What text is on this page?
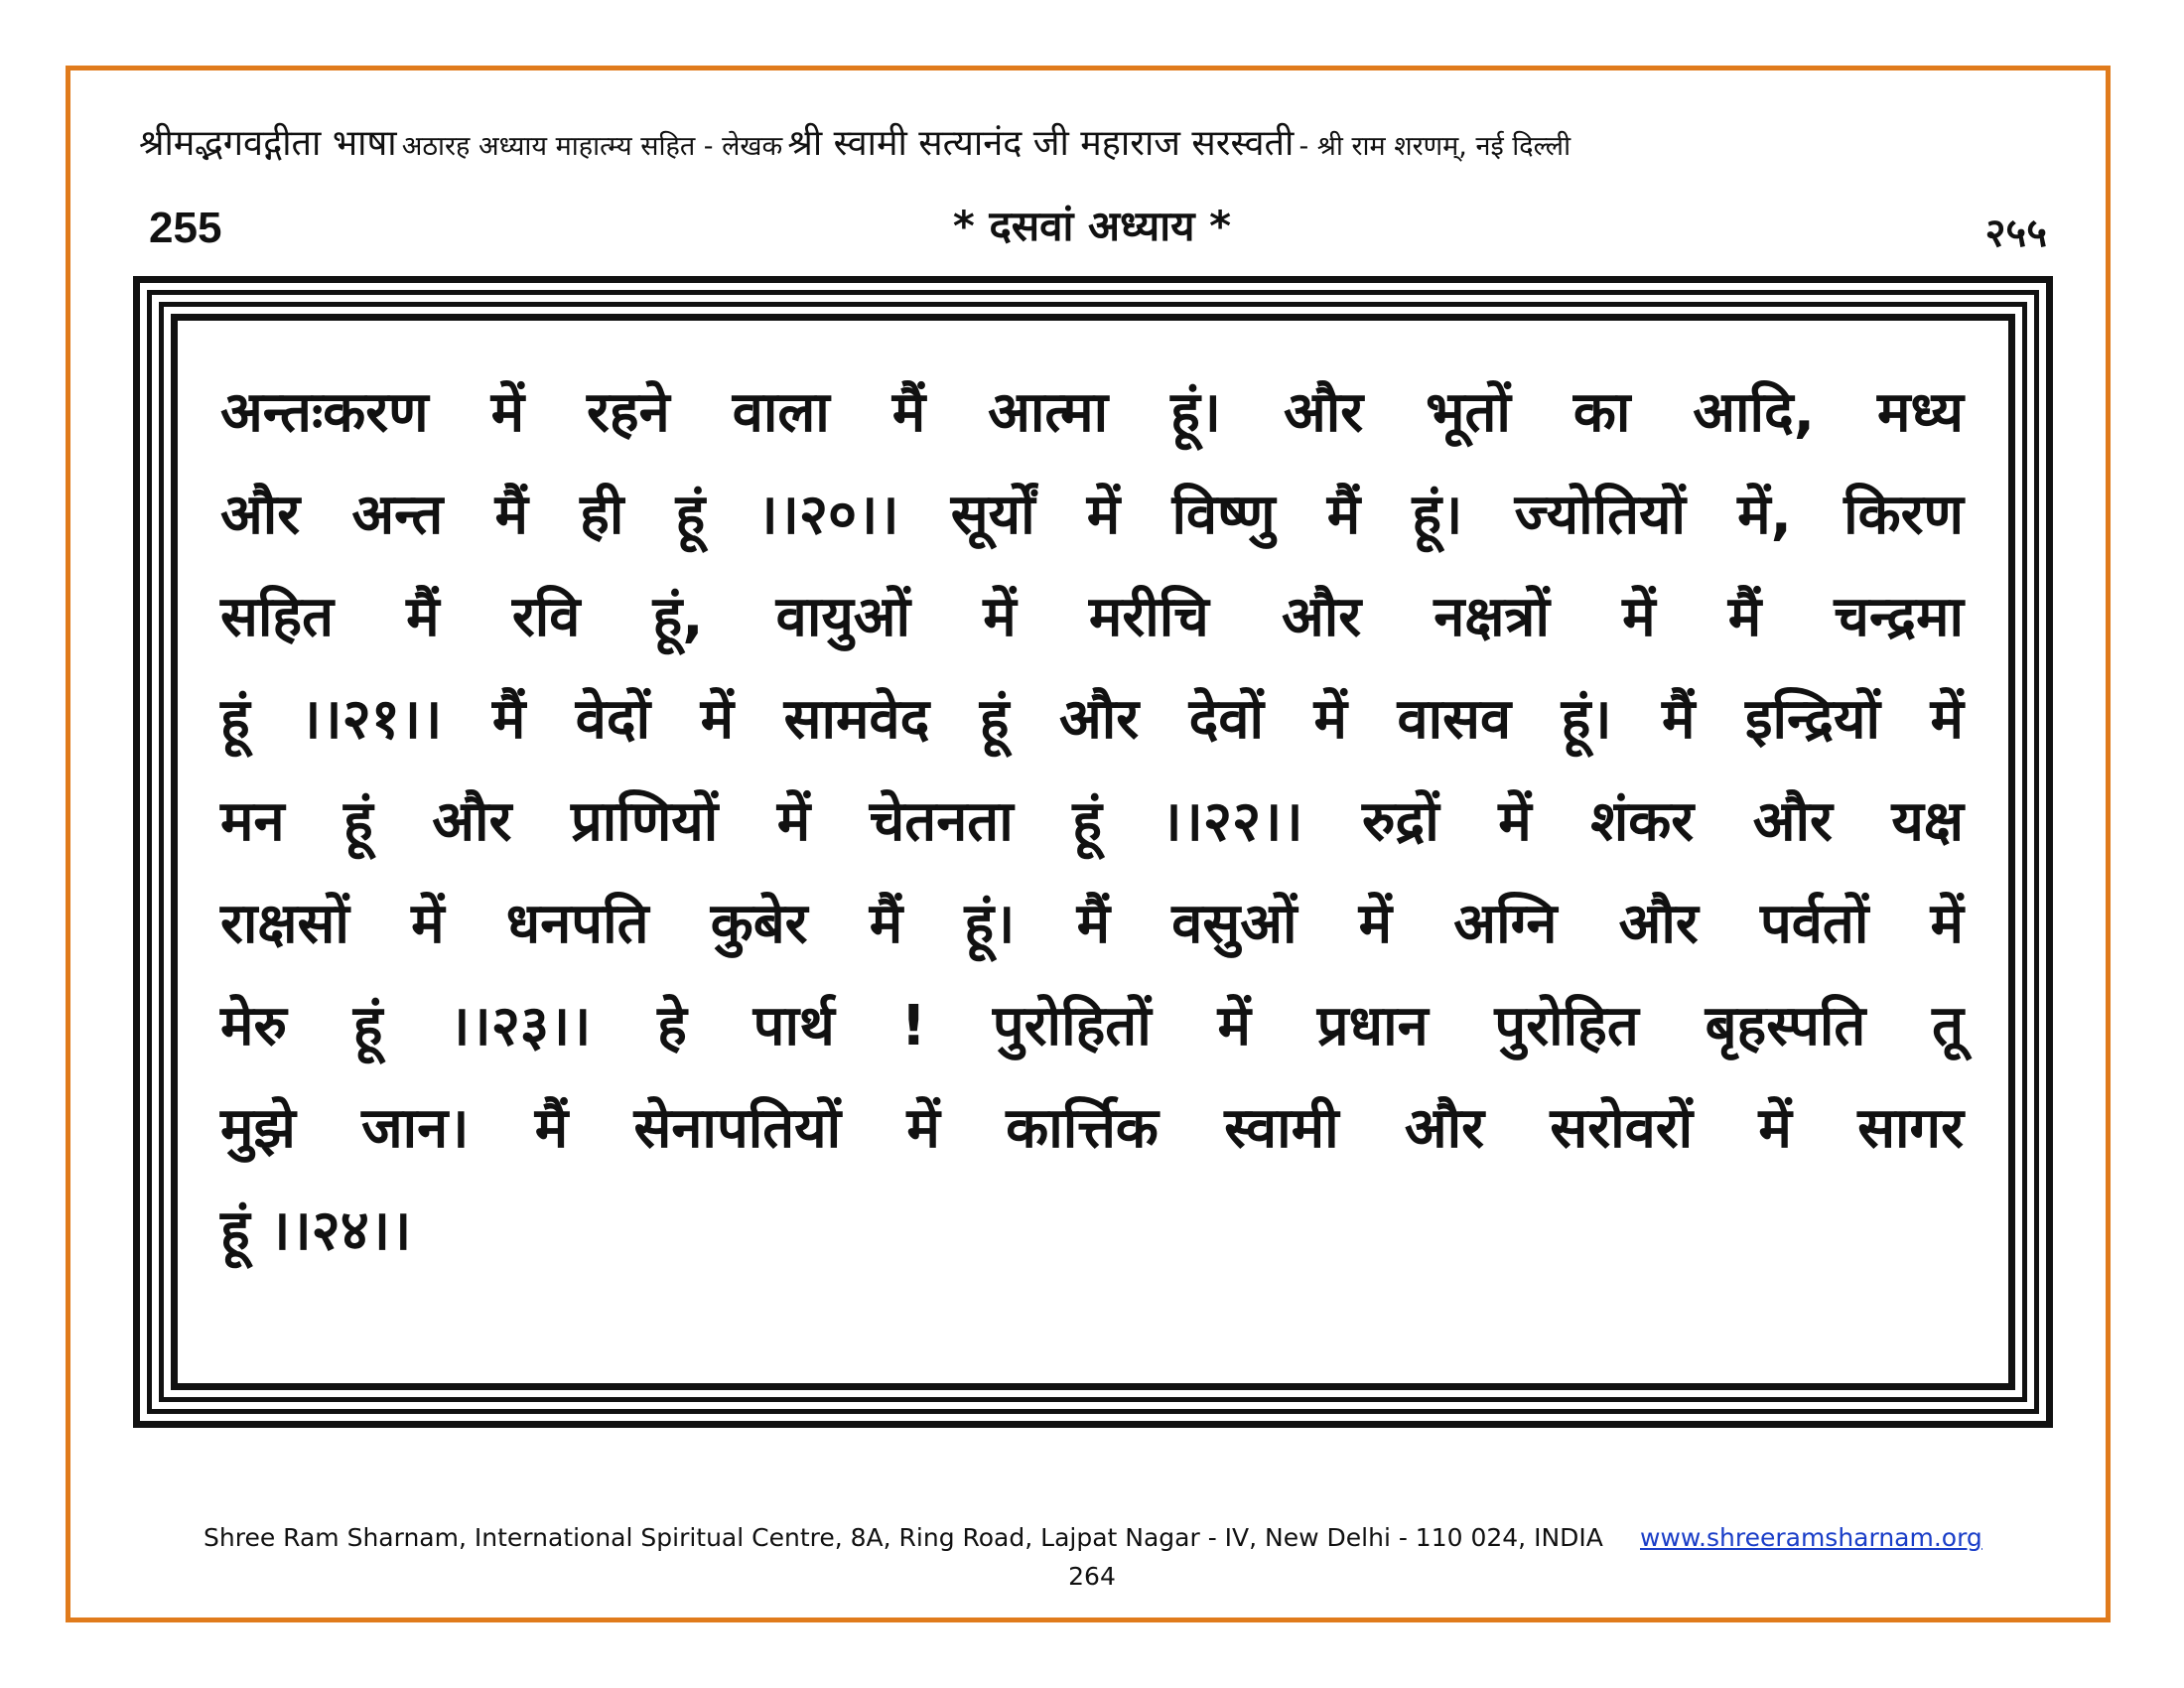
श्रीमद्भगवद्गीता भाषा अठारह अध्याय माहात्म्य सहित - लेखक श्री स्वामी सत्यानंद जी महाराज सरस्वती - श्री राम शरणम्, नई दिल्ली
255	* दसवां अध्याय *	२५५
अन्तःकरण में रहने वाला मैं आत्मा हूं। और भूतों का आदि, मध्य
और अन्त मैं ही हूं ।।२०।। सूर्यों में विष्णु मैं हूं। ज्योतियों में, किरण
सहित मैं रवि हूं, वायुओं में मरीचि और नक्षत्रों में मैं चन्द्रमा
हूं ।।२१।। मैं वेदों में सामवेद हूं और देवों में वासव हूं। मैं इन्द्रियों में
मन हूं और प्राणियों में चेतनता हूं ।।२२।। रुद्रों में शंकर और यक्ष
राक्षसों में धनपति कुबेर मैं हूं। मैं वसुओं में अग्नि और पर्वतों में
मेरु हूं ।।२३।। हे पार्थ ! पुरोहितों में प्रधान पुरोहित बृहस्पति तू
मुझे जान। मैं सेनापतियों में कार्त्तिक स्वामी और सरोवरों में सागर
हूं ।।२४।।
Shree Ram Sharnam, International Spiritual Centre, 8A, Ring Road, Lajpat Nagar - IV, New Delhi - 110 024, INDIA www.shreeramsharnam.org
264
